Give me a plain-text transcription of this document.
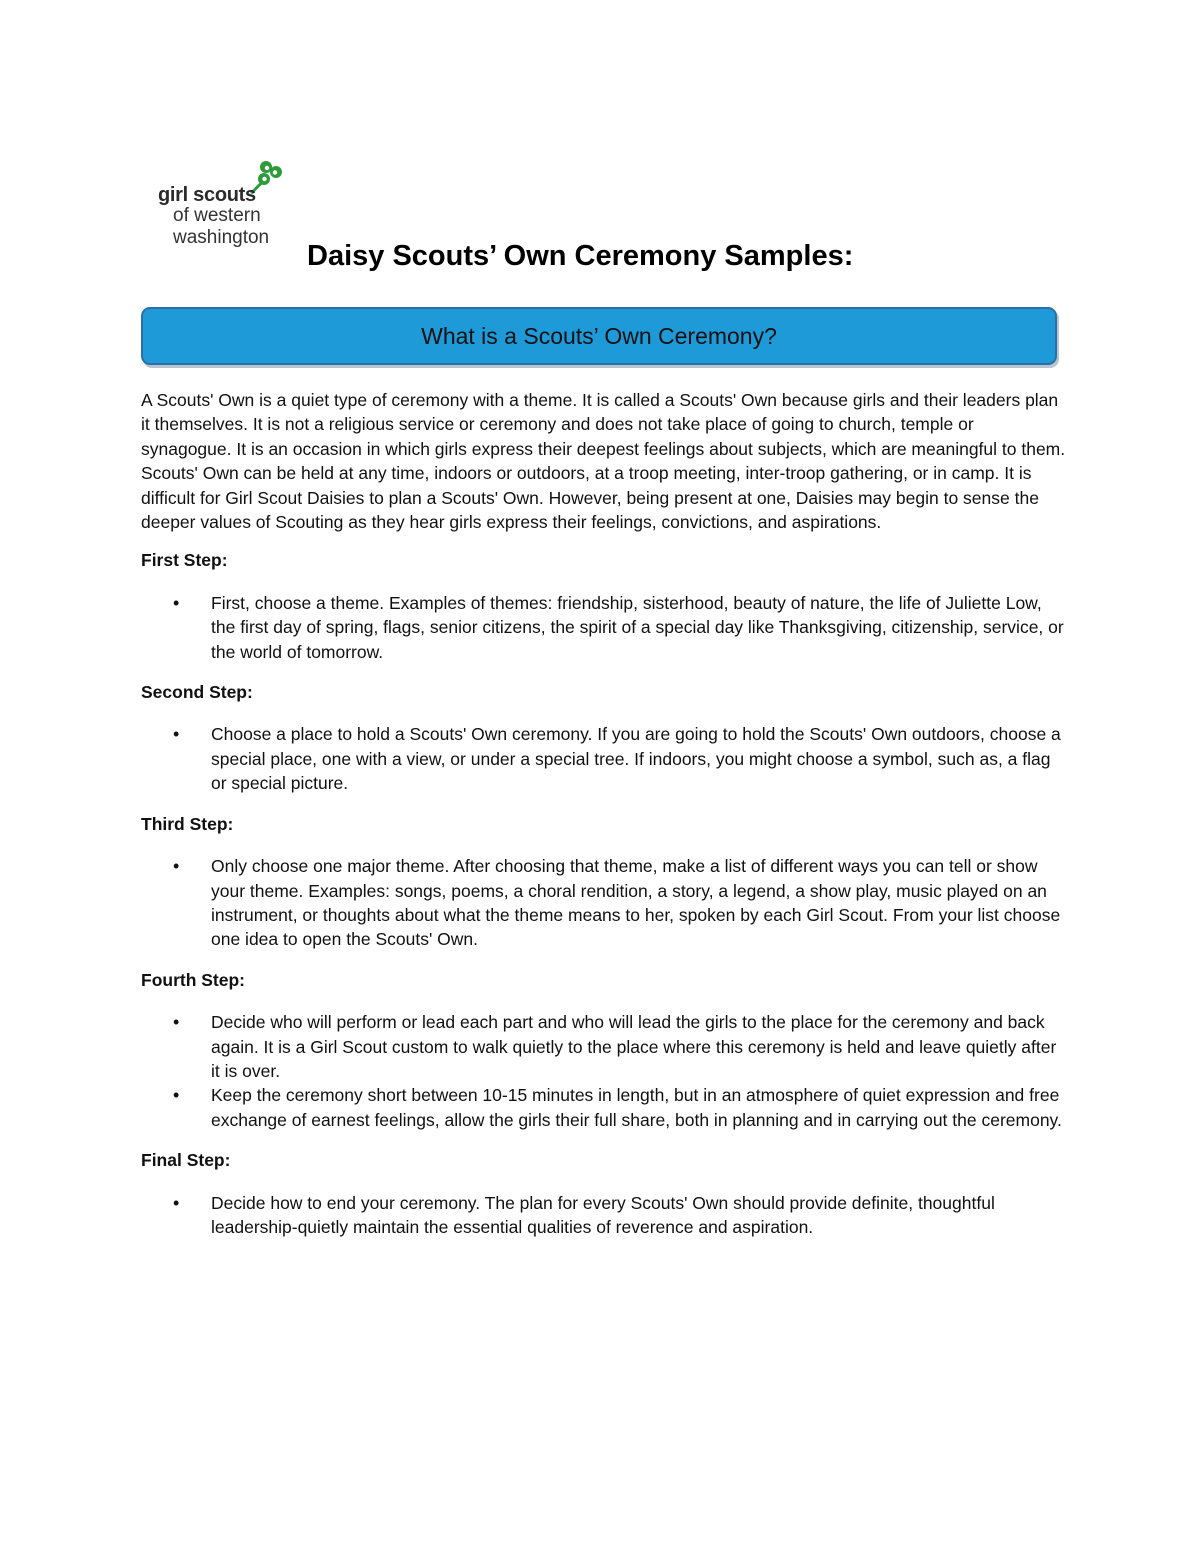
girl scouts
of western
washington
Daisy Scouts’ Own Ceremony Samples:
What is a Scouts’ Own Ceremony?

A Scouts' Own is a quiet type of ceremony with a theme. It is called a Scouts' Own because girls and their leaders plan it themselves. It is not a religious service or ceremony and does not take place of going to church, temple or synagogue. It is an occasion in which girls express their deepest feelings about subjects, which are meaningful to them. Scouts' Own can be held at any time, indoors or outdoors, at a troop meeting, inter-troop gathering, or in camp. It is difficult for Girl Scout Daisies to plan a Scouts' Own. However, being present at one, Daisies may begin to sense the deeper values of Scouting as they hear girls express their feelings, convictions, and aspirations.

First Step:

• First, choose a theme. Examples of themes: friendship, sisterhood, beauty of nature, the life of Juliette Low, the first day of spring, flags, senior citizens, the spirit of a special day like Thanksgiving, citizenship, service, or the world of tomorrow.

Second Step:

• Choose a place to hold a Scouts' Own ceremony. If you are going to hold the Scouts' Own outdoors, choose a special place, one with a view, or under a special tree. If indoors, you might choose a symbol, such as, a flag or special picture.

Third Step:

• Only choose one major theme. After choosing that theme, make a list of different ways you can tell or show your theme. Examples: songs, poems, a choral rendition, a story, a legend, a show play, music played on an instrument, or thoughts about what the theme means to her, spoken by each Girl Scout. From your list choose one idea to open the Scouts' Own.

Fourth Step:

• Decide who will perform or lead each part and who will lead the girls to the place for the ceremony and back again. It is a Girl Scout custom to walk quietly to the place where this ceremony is held and leave quietly after it is over.
• Keep the ceremony short between 10-15 minutes in length, but in an atmosphere of quiet expression and free exchange of earnest feelings, allow the girls their full share, both in planning and in carrying out the ceremony.

Final Step:

• Decide how to end your ceremony. The plan for every Scouts' Own should provide definite, thoughtful leadership-quietly maintain the essential qualities of reverence and aspiration.
